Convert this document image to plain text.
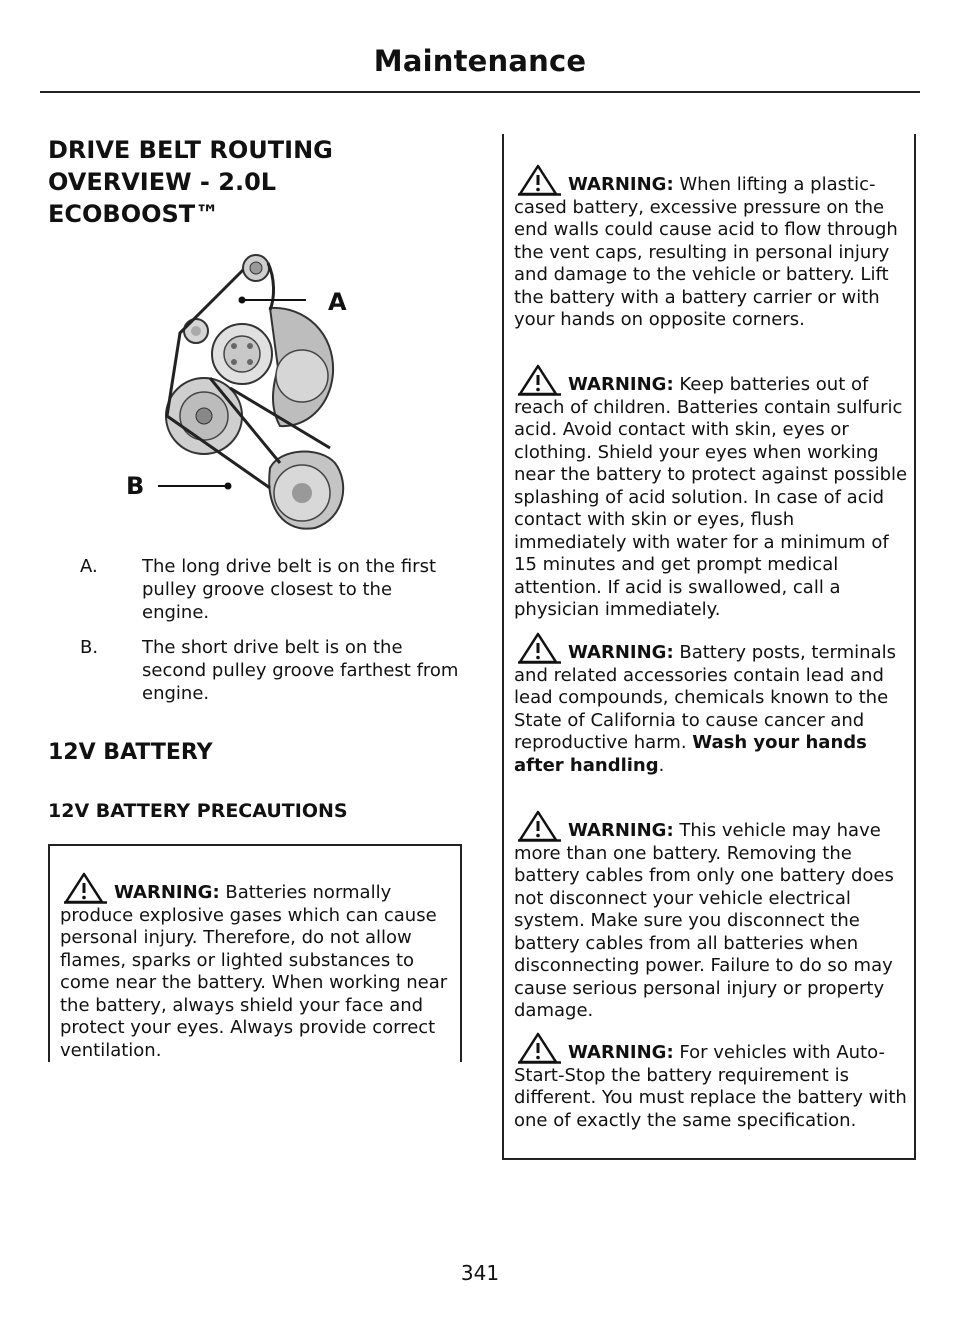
Maintenance
DRIVE BELT ROUTING
OVERVIEW - 2.0L
ECOBOOST™
A
B
A.	The long drive belt is on the first pulley groove closest to the engine.
B.	The short drive belt is on the second pulley groove farthest from engine.
12V BATTERY
12V BATTERY PRECAUTIONS
WARNING: Batteries normally produce explosive gases which can cause personal injury. Therefore, do not allow flames, sparks or lighted substances to come near the battery. When working near the battery, always shield your face and protect your eyes. Always provide correct ventilation.
WARNING: When lifting a plastic-cased battery, excessive pressure on the end walls could cause acid to flow through the vent caps, resulting in personal injury and damage to the vehicle or battery. Lift the battery with a battery carrier or with your hands on opposite corners.
WARNING: Keep batteries out of reach of children. Batteries contain sulfuric acid. Avoid contact with skin, eyes or clothing. Shield your eyes when working near the battery to protect against possible splashing of acid solution. In case of acid contact with skin or eyes, flush immediately with water for a minimum of 15 minutes and get prompt medical attention. If acid is swallowed, call a physician immediately.
WARNING: Battery posts, terminals and related accessories contain lead and lead compounds, chemicals known to the State of California to cause cancer and reproductive harm. Wash your hands after handling.
WARNING: This vehicle may have more than one battery. Removing the battery cables from only one battery does not disconnect your vehicle electrical system. Make sure you disconnect the battery cables from all batteries when disconnecting power. Failure to do so may cause serious personal injury or property damage.
WARNING: For vehicles with Auto-Start-Stop the battery requirement is different. You must replace the battery with one of exactly the same specification.
341
